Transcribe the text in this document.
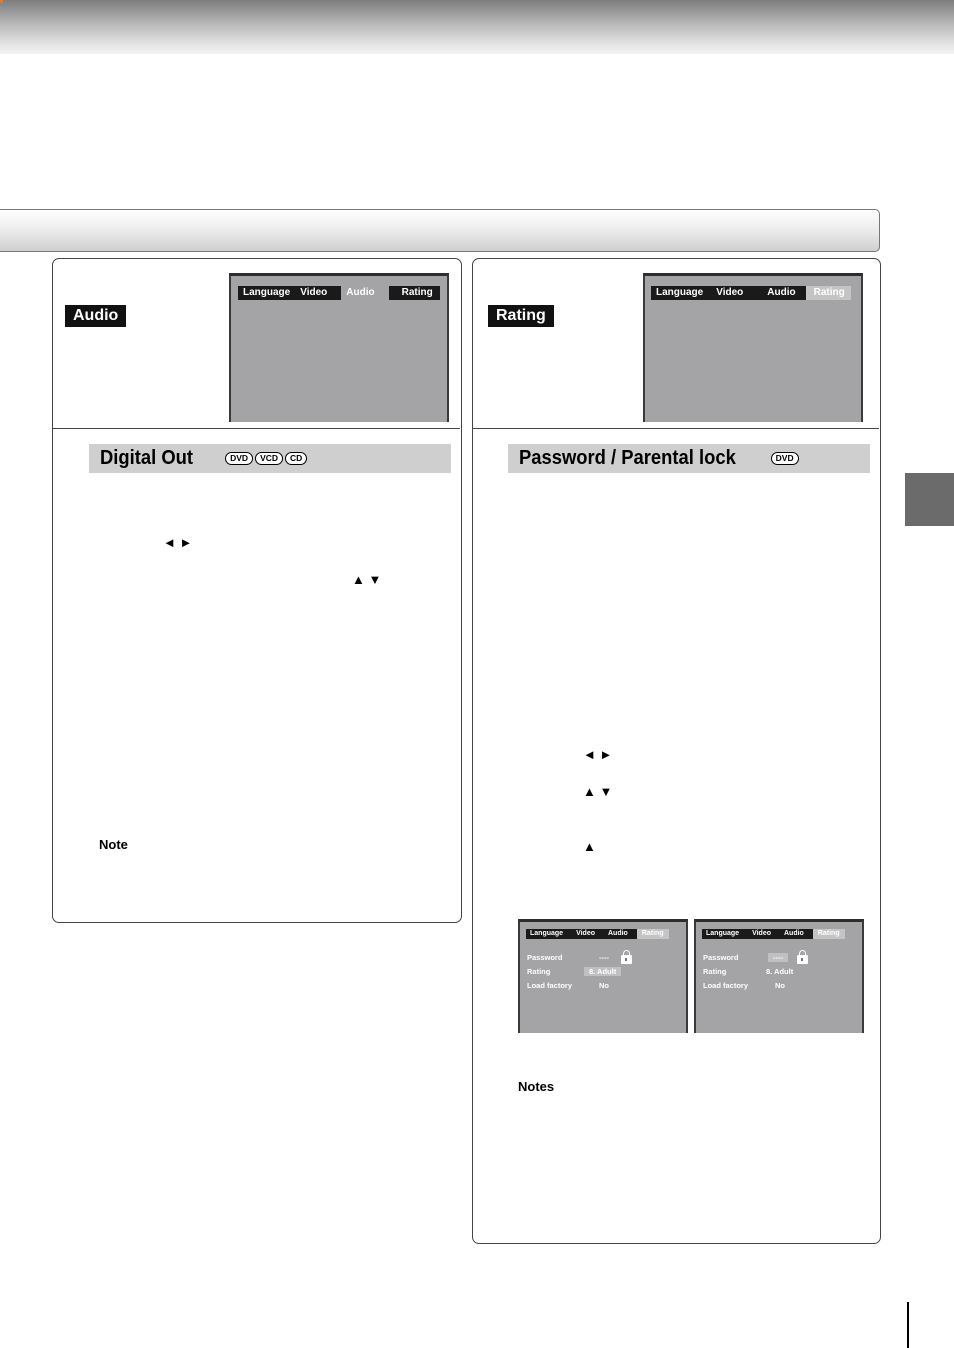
Audio
Language	Video	Audio	Rating
Digital Out	DVD	VCD	CD
◄ ►
▲ ▼
Note
Rating
Language	Video	Audio	Rating
Password / Parental lock	DVD
◄ ►
▲ ▼
▲
Language	Video	Audio	Rating
Password	----
Rating	8. Adult
Load factory	No
Language	Video	Audio	Rating
Password	----
Rating	8. Adult
Load factory	No
Notes
